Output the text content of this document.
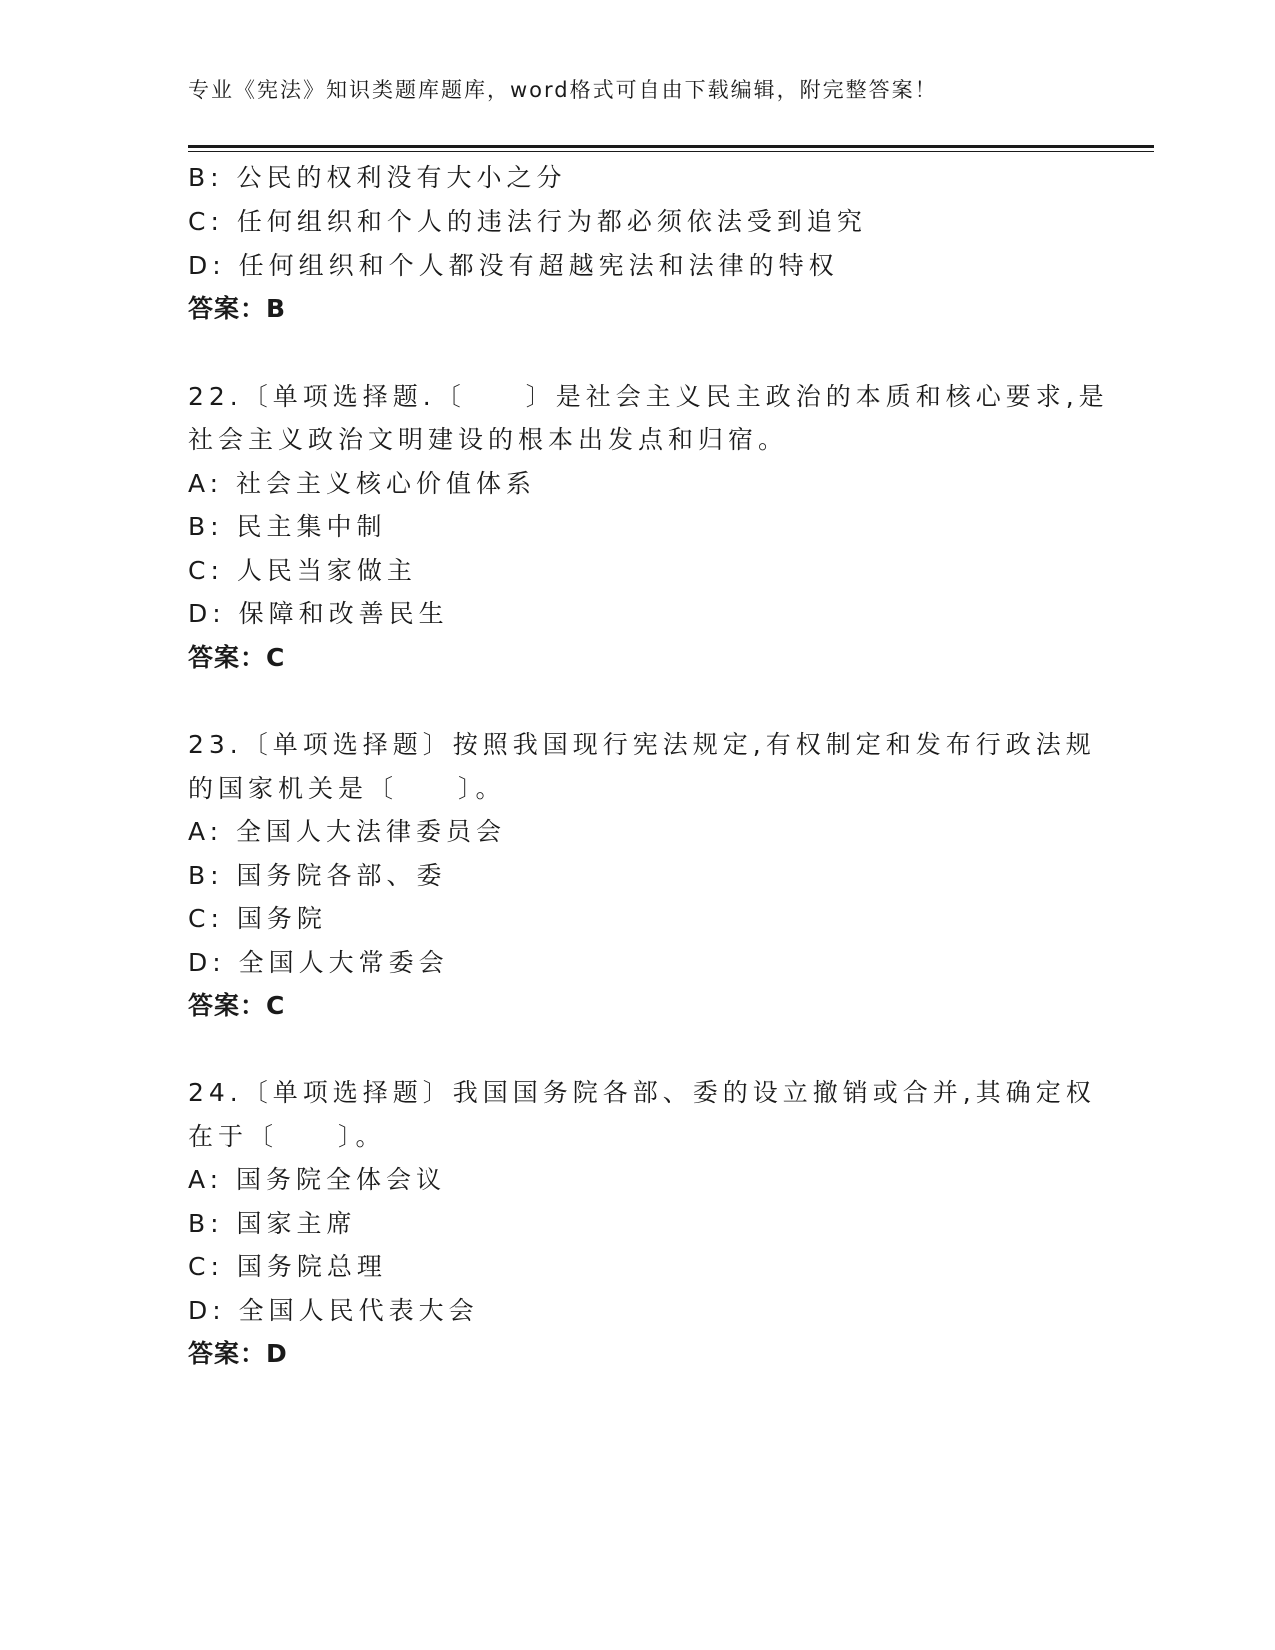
专业《宪法》知识类题库题库，word格式可自由下载编辑，附完整答案！
B: 公民的权利没有大小之分
C: 任何组织和个人的违法行为都必须依法受到追究
D: 任何组织和个人都没有超越宪法和法律的特权
答案：B
22.〔单项选择题.〔　　〕是社会主义民主政治的本质和核心要求,是
社会主义政治文明建设的根本出发点和归宿。
A: 社会主义核心价值体系
B: 民主集中制
C: 人民当家做主
D: 保障和改善民生
答案：C
23.〔单项选择题〕按照我国现行宪法规定,有权制定和发布行政法规
的国家机关是〔　　〕。
A: 全国人大法律委员会
B: 国务院各部、委
C: 国务院
D: 全国人大常委会
答案：C
24.〔单项选择题〕我国国务院各部、委的设立撤销或合并,其确定权
在于〔　　〕。
A: 国务院全体会议
B: 国家主席
C: 国务院总理
D: 全国人民代表大会
答案：D
